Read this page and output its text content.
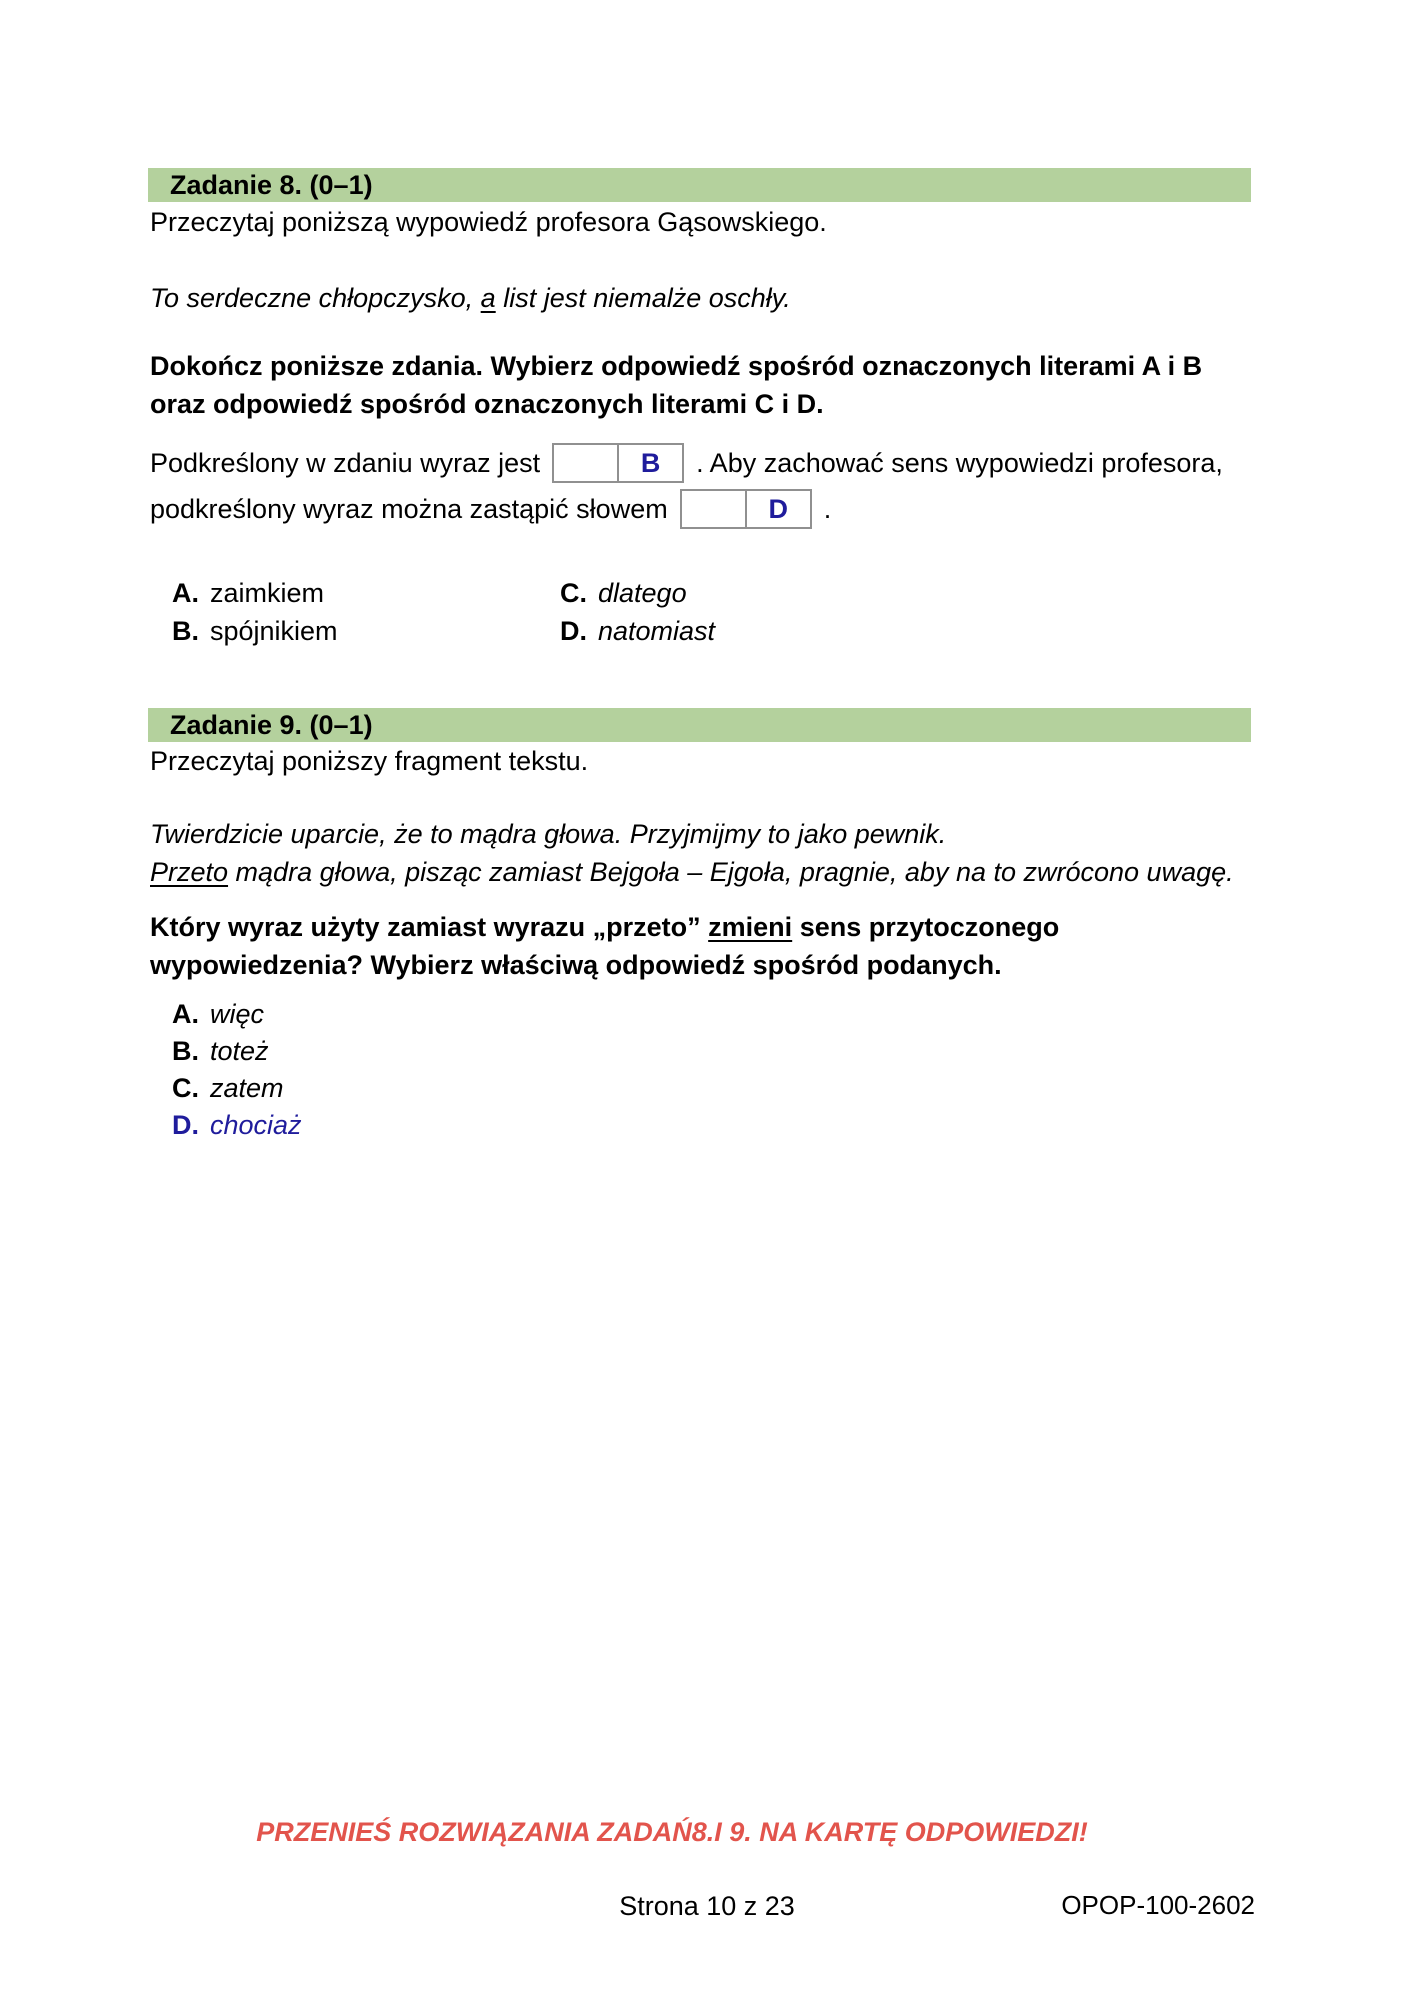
Zadanie 8. (0–1)
Przeczytaj poniższą wypowiedź profesora Gąsowskiego.
To serdeczne chłopczysko, a list jest niemalże oschły.
Dokończ poniższe zdania. Wybierz odpowiedź spośród oznaczonych literami A i B
oraz odpowiedź spośród oznaczonych literami C i D.
Podkreślony w zdaniu wyraz jest	B	. Aby zachować sens wypowiedzi profesora,
podkreślony wyraz można zastąpić słowem	D	.
A. zaimkiem
B. spójnikiem
C. dlatego
D. natomiast
Zadanie 9. (0–1)
Przeczytaj poniższy fragment tekstu.
Twierdzicie uparcie, że to mądra głowa. Przyjmijmy to jako pewnik.
Przeto mądra głowa, pisząc zamiast Bejgoła – Ejgoła, pragnie, aby na to zwrócono uwagę.
Który wyraz użyty zamiast wyrazu „przeto” zmieni sens przytoczonego
wypowiedzenia? Wybierz właściwą odpowiedź spośród podanych.
A. więc
B. toteż
C. zatem
D. chociaż
PRZENIEŚ ROZWIĄZANIA ZADAŃ8.I 9. NA KARTĘ ODPOWIEDZI!
Strona 10 z 23	OPOP-100-2602
